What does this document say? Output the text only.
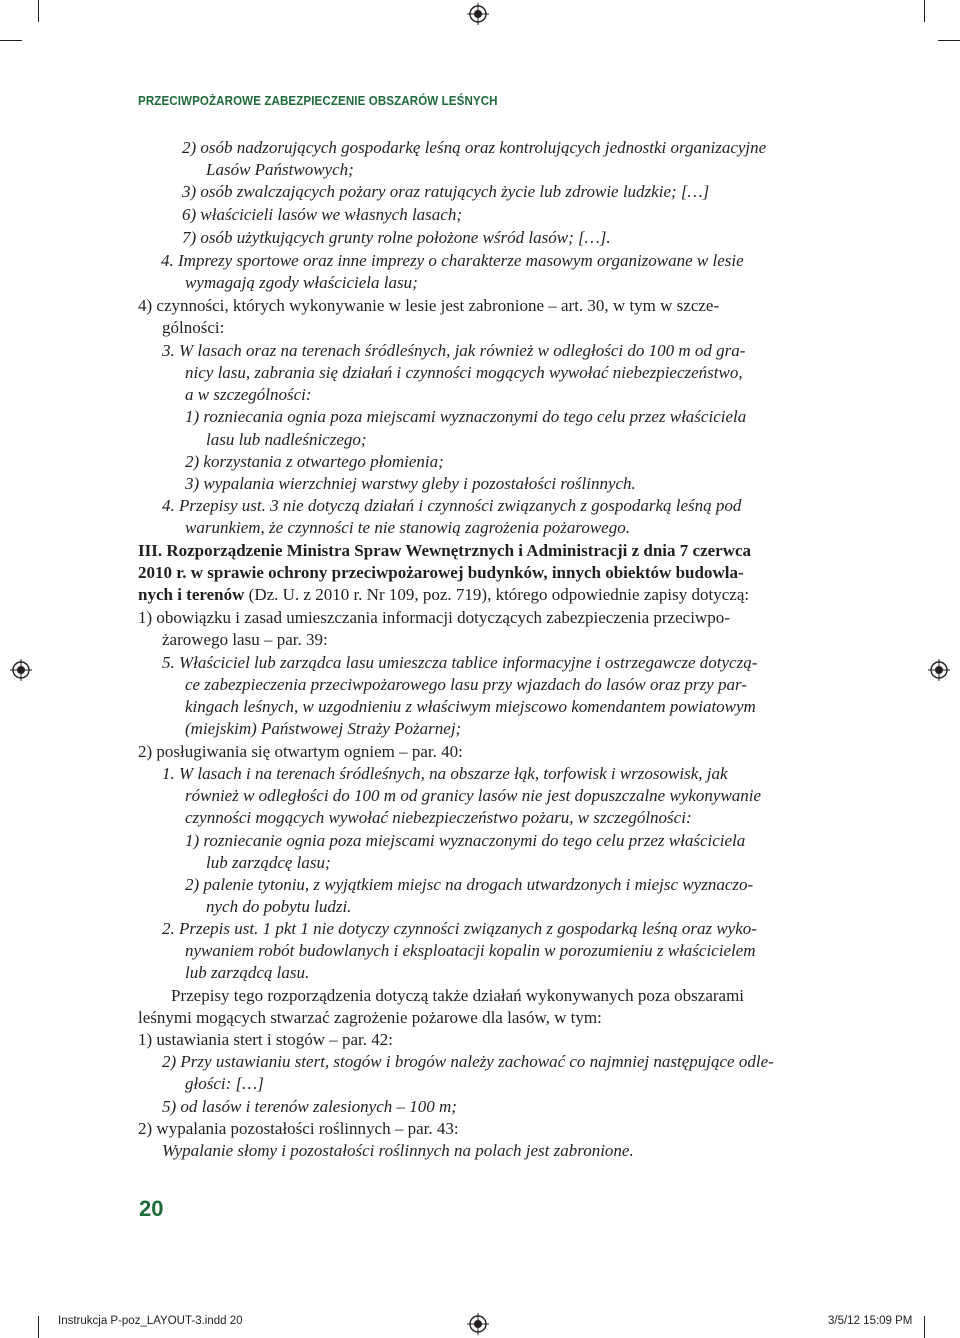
PRZECIWPOŻAROWE ZABEZPIECZENIE OBSZARÓW LEŚNYCH
2) osób nadzorujących gospodarkę leśną oraz kontrolujących jednostki organizacyjne
Lasów Państwowych;
3) osób zwalczających pożary oraz ratujących życie lub zdrowie ludzkie; […]
6) właścicieli lasów we własnych lasach;
7) osób użytkujących grunty rolne położone wśród lasów; […].
4. Imprezy sportowe oraz inne imprezy o charakterze masowym organizowane w lesie
wymagają zgody właściciela lasu;
4) czynności, których wykonywanie w lesie jest zabronione – art. 30, w tym w szcze-
gólności:
3. W lasach oraz na terenach śródleśnych, jak również w odległości do 100 m od gra-
nicy lasu, zabrania się działań i czynności mogących wywołać niebezpieczeństwo,
a w szczególności:
1) rozniecania ognia poza miejscami wyznaczonymi do tego celu przez właściciela
lasu lub nadleśniczego;
2) korzystania z otwartego płomienia;
3) wypalania wierzchniej warstwy gleby i pozostałości roślinnych.
4. Przepisy ust. 3 nie dotyczą działań i czynności związanych z gospodarką leśną pod
warunkiem, że czynności te nie stanowią zagrożenia pożarowego.
III. Rozporządzenie Ministra Spraw Wewnętrznych i Administracji z dnia 7 czerwca
2010 r. w sprawie ochrony przeciwpożarowej budynków, innych obiektów budowla-
nych i terenów (Dz. U. z 2010 r. Nr 109, poz. 719), którego odpowiednie zapisy dotyczą:
1) obowiązku i zasad umieszczania informacji dotyczących zabezpieczenia przeciwpo-
żarowego lasu – par. 39:
5. Właściciel lub zarządca lasu umieszcza tablice informacyjne i ostrzegawcze dotyczą-
ce zabezpieczenia przeciwpożarowego lasu przy wjazdach do lasów oraz przy par-
kingach leśnych, w uzgodnieniu z właściwym miejscowo komendantem powiatowym
(miejskim) Państwowej Straży Pożarnej;
2) posługiwania się otwartym ogniem – par. 40:
1. W lasach i na terenach śródleśnych, na obszarze łąk, torfowisk i wrzosowisk, jak
również w odległości do 100 m od granicy lasów nie jest dopuszczalne wykonywanie
czynności mogących wywołać niebezpieczeństwo pożaru, w szczególności:
1) rozniecanie ognia poza miejscami wyznaczonymi do tego celu przez właściciela
lub zarządcę lasu;
2) palenie tytoniu, z wyjątkiem miejsc na drogach utwardzonych i miejsc wyznaczo-
nych do pobytu ludzi.
2. Przepis ust. 1 pkt 1 nie dotyczy czynności związanych z gospodarką leśną oraz wyko-
nywaniem robót budowlanych i eksploatacji kopalin w porozumieniu z właścicielem
lub zarządcą lasu.
Przepisy tego rozporządzenia dotyczą także działań wykonywanych poza obszarami
leśnymi mogących stwarzać zagrożenie pożarowe dla lasów, w tym:
1) ustawiania stert i stogów – par. 42:
2) Przy ustawianiu stert, stogów i brogów należy zachować co najmniej następujące odle-
głości: […]
5) od lasów i terenów zalesionych – 100 m;
2) wypalania pozostałości roślinnych – par. 43:
Wypalanie słomy i pozostałości roślinnych na polach jest zabronione.
20
Instrukcja P-poz_LAYOUT-3.indd 20	3/5/12 15:09 PM
